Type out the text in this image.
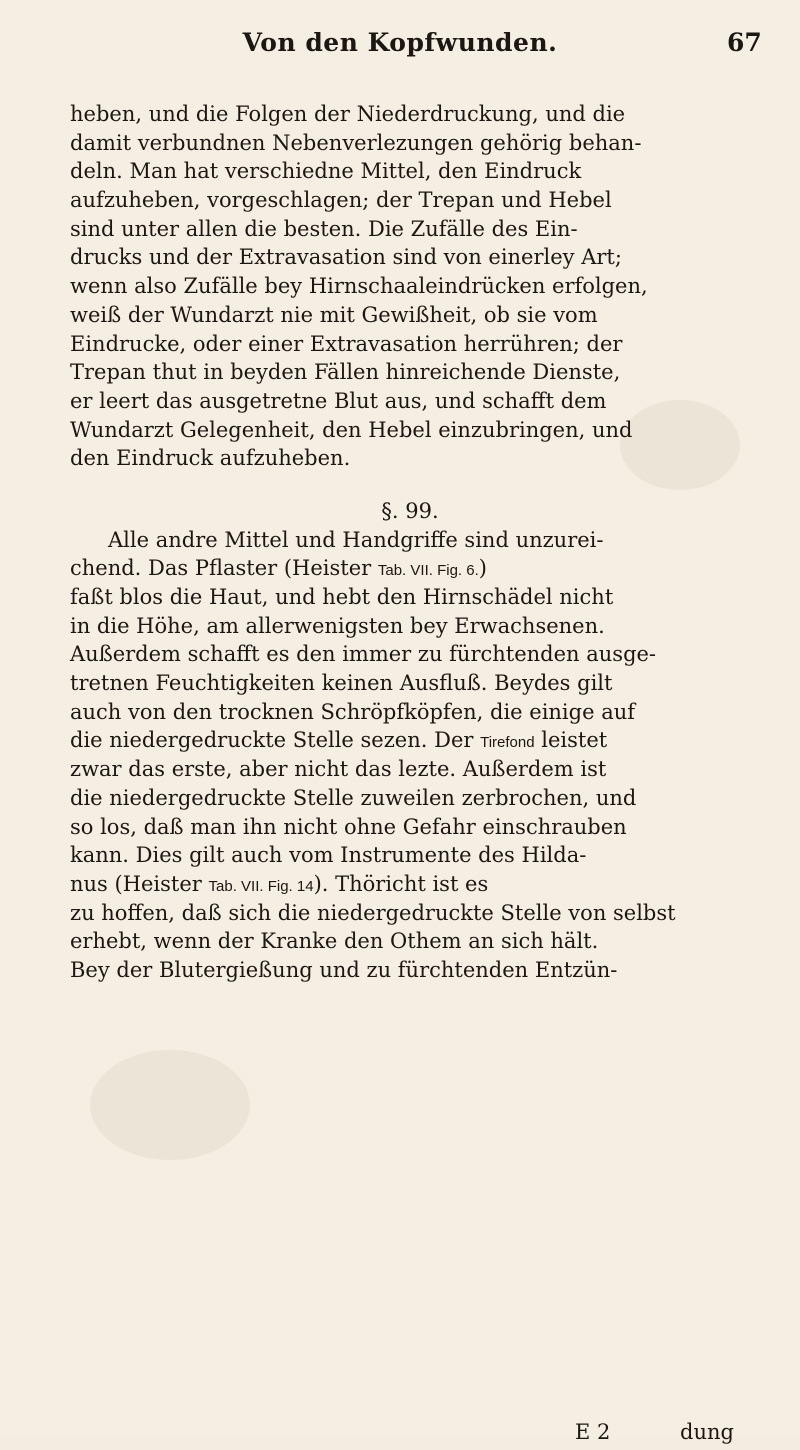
Von den Kopfwunden.	67
heben, und die Folgen der Niederdruckung, und die
damit verbundnen Nebenverlezungen gehörig behan-
deln. Man hat verschiedne Mittel, den Eindruck
aufzuheben, vorgeschlagen; der Trepan und Hebel
sind unter allen die besten. Die Zufälle des Ein-
drucks und der Extravasation sind von einerley Art;
wenn also Zufälle bey Hirnschaaleindrücken erfolgen,
weiß der Wundarzt nie mit Gewißheit, ob sie vom
Eindrucke, oder einer Extravasation herrühren; der
Trepan thut in beyden Fällen hinreichende Dienste,
er leert das ausgetretne Blut aus, und schafft dem
Wundarzt Gelegenheit, den Hebel einzubringen, und
den Eindruck aufzuheben.
§. 99.
Alle andre Mittel und Handgriffe sind unzurei-
chend. Das Pflaster (Heister Tab. VII. Fig. 6.)
faßt blos die Haut, und hebt den Hirnschädel nicht
in die Höhe, am allerwenigsten bey Erwachsenen.
Außerdem schafft es den immer zu fürchtenden ausge-
tretnen Feuchtigkeiten keinen Ausfluß. Beydes gilt
auch von den trocknen Schröpfköpfen, die einige auf
die niedergedruckte Stelle sezen. Der Tirefond leistet
zwar das erste, aber nicht das lezte. Außerdem ist
die niedergedruckte Stelle zuweilen zerbrochen, und
so los, daß man ihn nicht ohne Gefahr einschrauben
kann. Dies gilt auch vom Instrumente des Hilda-
nus (Heister Tab. VII. Fig. 14). Thöricht ist es
zu hoffen, daß sich die niedergedruckte Stelle von selbst
erhebt, wenn der Kranke den Othem an sich hält.
Bey der Blutergießung und zu fürchtenden Entzün-
E 2	dung
